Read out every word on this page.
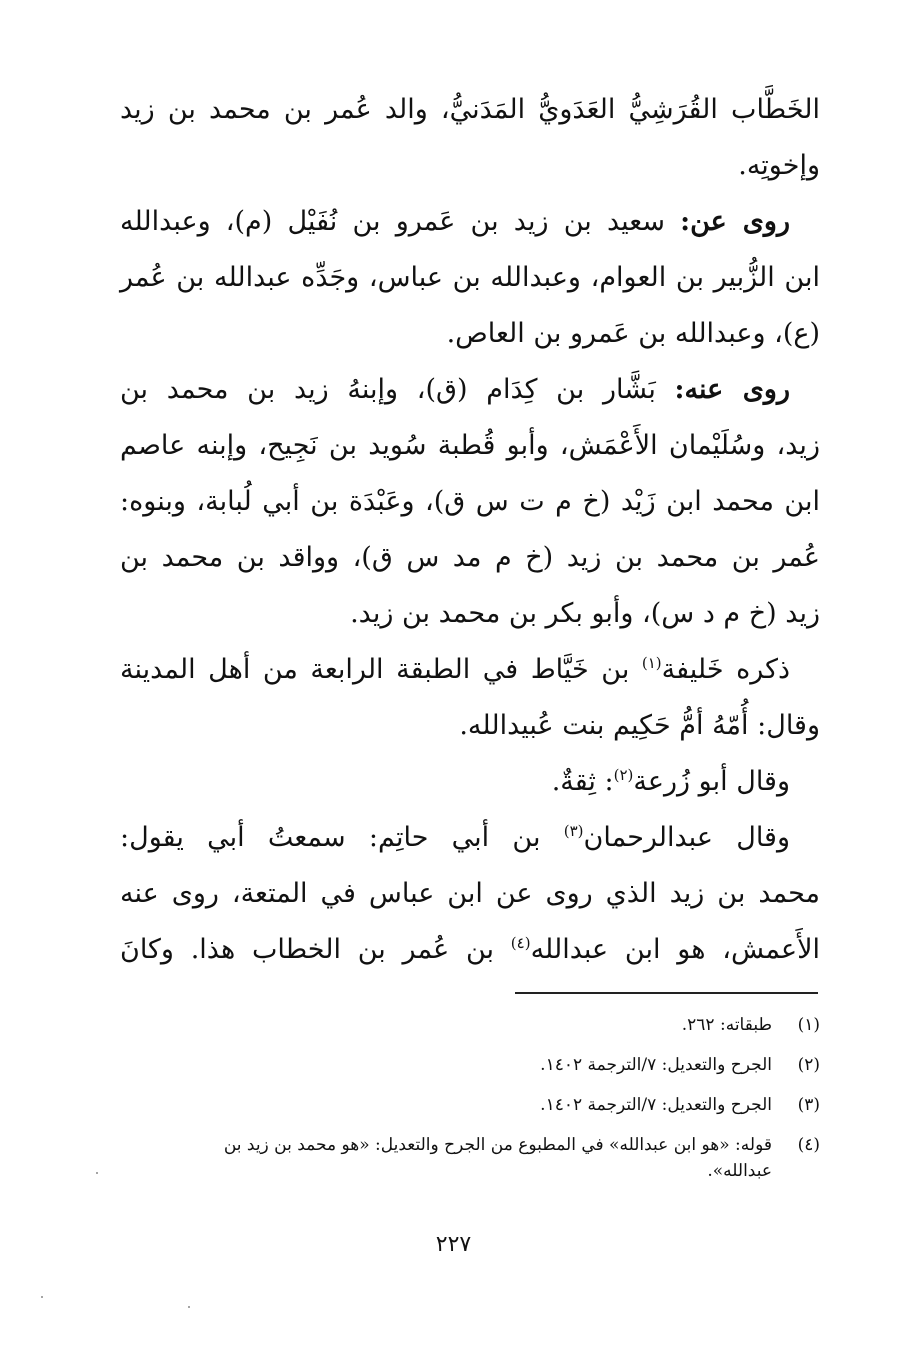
الخَطَّاب القُرَشِيُّ العَدَويُّ المَدَنيُّ، والد عُمر بن محمد بن زيد
وإخوتِه.
روى عن: سعيد بن زيد بن عَمرو بن نُفَيْل (م)، وعبدالله
ابن الزُّبير بن العوام، وعبدالله بن عباس، وجَدِّه عبدالله بن عُمر
(ع)، وعبدالله بن عَمرو بن العاص.
روى عنه: بَشَّار بن كِدَام (ق)، وإبنهُ زيد بن محمد بن
زيد، وسُلَيْمان الأَعْمَش، وأبو قُطبة سُويد بن نَجِيح، وإبنه عاصم
ابن محمد ابن زَيْد (خ م ت س ق)، وعَبْدَة بن أبي لُبابة، وبنوه:
عُمر بن محمد بن زيد (خ م مد س ق)، وواقد بن محمد بن
زيد (خ م د س)، وأبو بكر بن محمد بن زيد.
ذكره خَليفة$^{(١)}$ بن خَيَّاط في الطبقة الرابعة من أهل المدينة
وقال: أُمّهُ أمُّ حَكِيم بنت عُبيدالله.
وقال أبو زُرعة$^{(٢)}$: ثِقةٌ.
وقال عبدالرحمان$^{(٣)}$ بن أبي حاتِم: سمعتُ أبي يقول:
محمد بن زيد الذي روى عن ابن عباس في المتعة، روى عنه
الأَعمش، هو ابن عبدالله$^{(٤)}$ بن عُمر بن الخطاب هذا. وكانَ
(١)
طبقاته: ٢٦٢.
(٢)
الجرح والتعديل: ٧/الترجمة ١٤٠٢.
(٣)
الجرح والتعديل: ٧/الترجمة ١٤٠٢.
(٤)
قوله: «هو ابن عبدالله» في المطبوع من الجرح والتعديل: «هو محمد بن زيد بن
عبدالله».
٢٢٧
